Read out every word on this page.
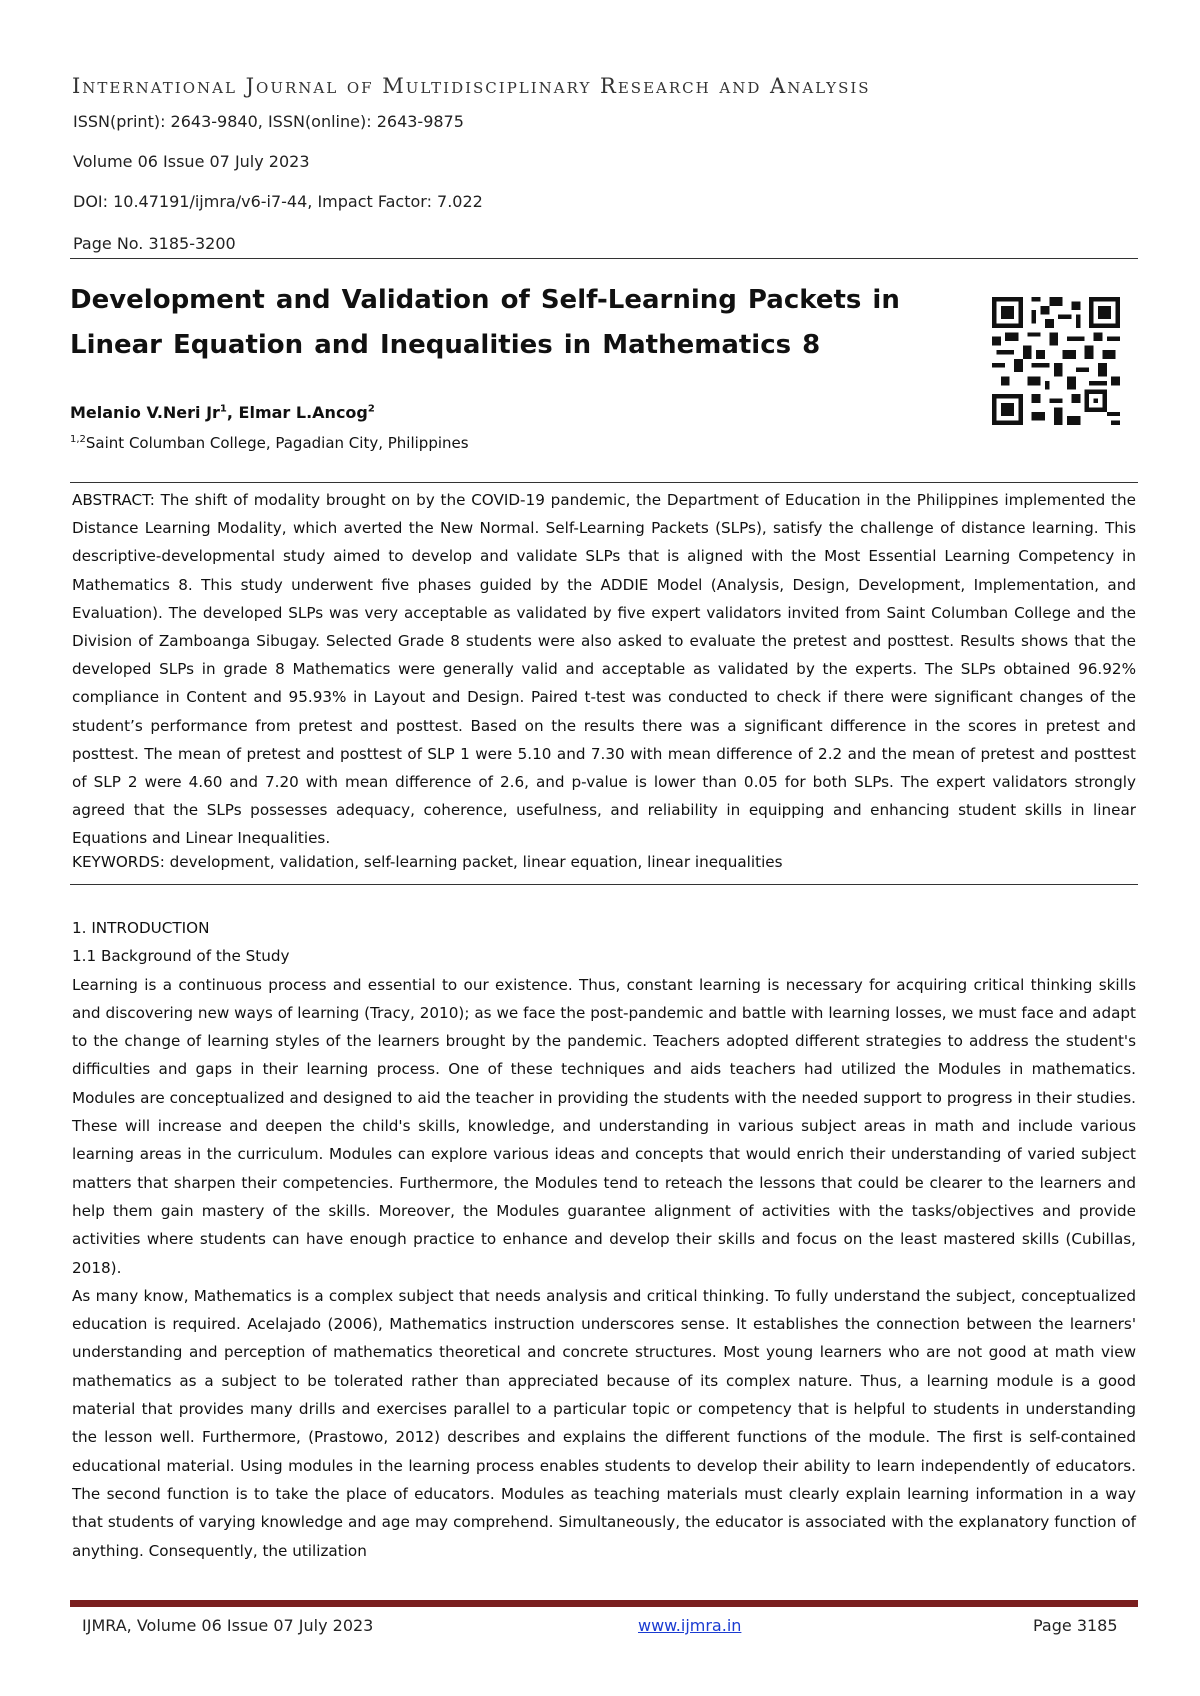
International Journal of Multidisciplinary Research and Analysis
ISSN(print): 2643-9840, ISSN(online): 2643-9875
Volume 06 Issue 07 July 2023
DOI: 10.47191/ijmra/v6-i7-44, Impact Factor: 7.022
Page No. 3185-3200
Development and Validation of Self-Learning Packets in Linear Equation and Inequalities in Mathematics 8
Melanio V.Neri Jr$^1$, Elmar L.Ancog$^2$
$^{1,2}$Saint Columban College, Pagadian City, Philippines
ABSTRACT: The shift of modality brought on by the COVID-19 pandemic, the Department of Education in the Philippines implemented the Distance Learning Modality, which averted the New Normal. Self-Learning Packets (SLPs), satisfy the challenge of distance learning. This descriptive-developmental study aimed to develop and validate SLPs that is aligned with the Most Essential Learning Competency in Mathematics 8. This study underwent five phases guided by the ADDIE Model (Analysis, Design, Development, Implementation, and Evaluation). The developed SLPs was very acceptable as validated by five expert validators invited from Saint Columban College and the Division of Zamboanga Sibugay. Selected Grade 8 students were also asked to evaluate the pretest and posttest. Results shows that the developed SLPs in grade 8 Mathematics were generally valid and acceptable as validated by the experts. The SLPs obtained 96.92% compliance in Content and 95.93% in Layout and Design. Paired t-test was conducted to check if there were significant changes of the student’s performance from pretest and posttest. Based on the results there was a significant difference in the scores in pretest and posttest. The mean of pretest and posttest of SLP 1 were 5.10 and 7.30 with mean difference of 2.2 and the mean of pretest and posttest of SLP 2 were 4.60 and 7.20 with mean difference of 2.6, and p-value is lower than 0.05 for both SLPs. The expert validators strongly agreed that the SLPs possesses adequacy, coherence, usefulness, and reliability in equipping and enhancing student skills in linear Equations and Linear Inequalities.
KEYWORDS: development, validation, self-learning packet, linear equation, linear inequalities

1. INTRODUCTION

1.1 Background of the Study

Learning is a continuous process and essential to our existence. Thus, constant learning is necessary for acquiring critical thinking skills and discovering new ways of learning (Tracy, 2010); as we face the post-pandemic and battle with learning losses, we must face and adapt to the change of learning styles of the learners brought by the pandemic. Teachers adopted different strategies to address the student's difficulties and gaps in their learning process. One of these techniques and aids teachers had utilized the Modules in mathematics. Modules are conceptualized and designed to aid the teacher in providing the students with the needed support to progress in their studies. These will increase and deepen the child's skills, knowledge, and understanding in various subject areas in math and include various learning areas in the curriculum. Modules can explore various ideas and concepts that would enrich their understanding of varied subject matters that sharpen their competencies. Furthermore, the Modules tend to reteach the lessons that could be clearer to the learners and help them gain mastery of the skills. Moreover, the Modules guarantee alignment of activities with the tasks/objectives and provide activities where students can have enough practice to enhance and develop their skills and focus on the least mastered skills (Cubillas, 2018).

As many know, Mathematics is a complex subject that needs analysis and critical thinking. To fully understand the subject, conceptualized education is required. Acelajado (2006), Mathematics instruction underscores sense. It establishes the connection between the learners' understanding and perception of mathematics theoretical and concrete structures. Most young learners who are not good at math view mathematics as a subject to be tolerated rather than appreciated because of its complex nature. Thus, a learning module is a good material that provides many drills and exercises parallel to a particular topic or competency that is helpful to students in understanding the lesson well. Furthermore, (Prastowo, 2012) describes and explains the different functions of the module. The first is self-contained educational material. Using modules in the learning process enables students to develop their ability to learn independently of educators. The second function is to take the place of educators. Modules as teaching materials must clearly explain learning information in a way that students of varying knowledge and age may comprehend. Simultaneously, the educator is associated with the explanatory function of anything. Consequently, the utilization

IJMRA, Volume 06 Issue 07 July 2023	www.ijmra.in	Page 3185
